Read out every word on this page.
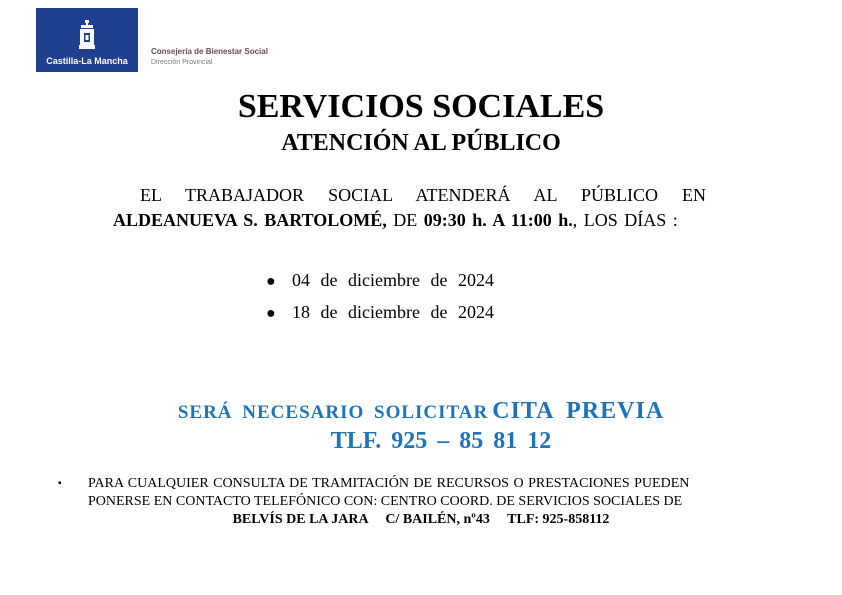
Castilla-La Mancha
Consejería de Bienestar Social
Dirección Provincial
SERVICIOS SOCIALES
ATENCIÓN AL PÚBLICO
EL TRABAJADOR SOCIAL ATENDERÁ AL PÚBLICO EN
ALDEANUEVA S. BARTOLOMÉ, DE 09:30 h. A 11:00 h., LOS DÍAS :
● 04 de diciembre de 2024
● 18 de diciembre de 2024
SERÁ NECESARIO SOLICITAR CITA PREVIA
TLF. 925 – 85 81 12
▪ PARA CUALQUIER CONSULTA DE TRAMITACIÓN DE RECURSOS O PRESTACIONES PUEDEN
PONERSE EN CONTACTO TELEFÓNICO CON: CENTRO COORD. DE SERVICIOS SOCIALES DE
BELVÍS DE LA JARA     C/ BAILÉN, nº43     TLF: 925-858112
